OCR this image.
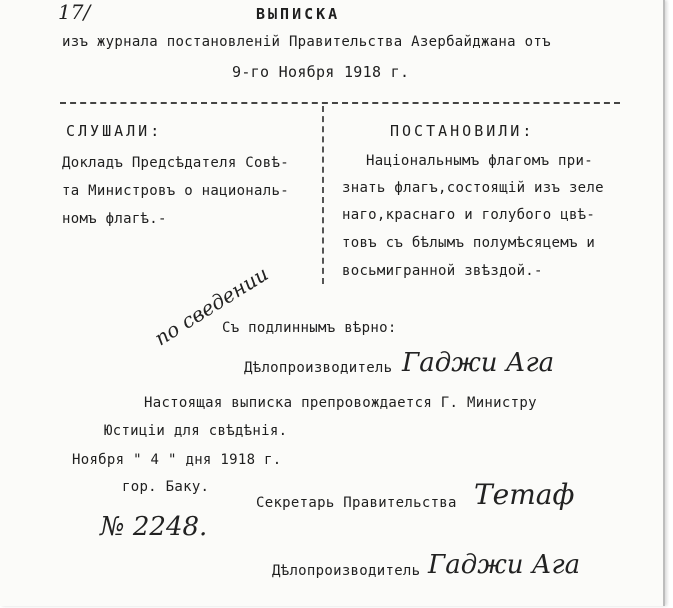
17/	ВЫПИСКА
изъ журнала постановленій Правительства Азербайджана отъ
9-го Ноября 1918 г.
СЛУШАЛИ:
Докладъ Предсѣдателя Совѣ-
та Министровъ о националь-
номъ флагѣ.-
ПОСТАНОВИЛИ:
Національнымъ флагомъ при-
знать флагъ,состоящій изъ зеле
наго,краснаго и голубого цвѣ-
товъ съ бѣлымъ полумѣсяцемъ и
восьмигранной звѣздой.-
по сведении
Съ подлиннымъ вѣрно:
Дѣлопроизводитель Гаджи Ага
Настоящая выписка препровождается Г. Министру
Юстиціи для свѣдѣнія.
Ноября " 4 " дня 1918 г.
гор. Баку.
Секретарь Правительства Тетаф
№ 2248.
Дѣлопроизводитель Гаджи Ага
